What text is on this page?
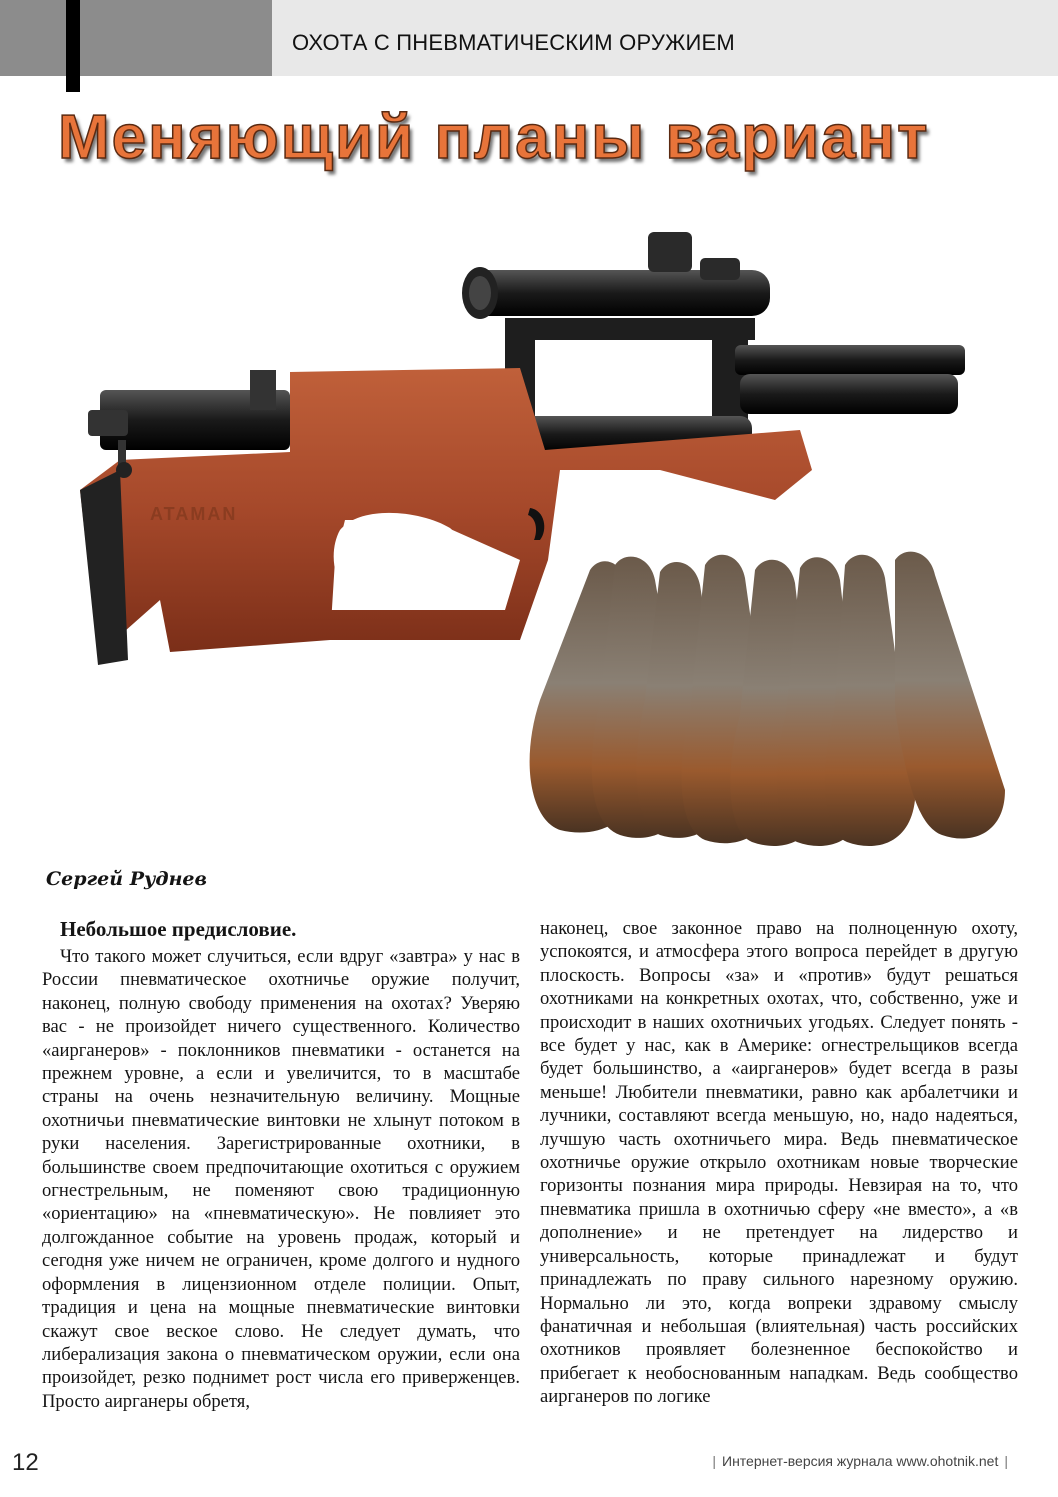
ОХОТА С ПНЕВМАТИЧЕСКИМ ОРУЖИЕМ
Меняющий планы вариант
ATAMAN
Сергей Руднев
Небольшое предисловие.

Что такого может случиться, если вдруг «завтра» у нас в России пневматическое охотничье оружие получит, наконец, полную свободу применения на охотах? Уверяю вас - не произойдет ничего существенного. Количество «аирганеров» - поклонников пневматики - останется на прежнем уровне, а если и увеличится, то в масштабе страны на очень незначительную величину. Мощные охотничьи пневматические винтовки не хлынут потоком в руки населения. Зарегистрированные охотники, в большинстве своем предпочитающие охотиться с оружием огнестрельным, не поменяют свою традиционную «ориентацию» на «пневматическую». Не повлияет это долгожданное событие на уровень продаж, который и сегодня уже ничем не ограничен, кроме долгого и нудного оформления в лицензионном отделе полиции. Опыт, традиция и цена на мощные пневматические винтовки скажут свое веское слово. Не следует думать, что либерализация закона о пневматическом оружии, если она произойдет, резко поднимет рост числа его приверженцев. Просто аирганеры обретя,

наконец, свое законное право на полноценную охоту, успокоятся, и атмосфера этого вопроса перейдет в другую плоскость. Вопросы «за» и «против» будут решаться охотниками на конкретных охотах, что, собственно, уже и происходит в наших охотничьих угодьях. Следует понять - все будет у нас, как в Америке: огнестрельщиков всегда будет большинство, а «аирганеров» будет всегда в разы меньше! Любители пневматики, равно как арбалетчики и лучники, составляют всегда меньшую, но, надо надеяться, лучшую часть охотничьего мира. Ведь пневматическое охотничье оружие открыло охотникам новые творческие горизонты познания мира природы. Невзирая на то, что пневматика пришла в охотничью сферу «не вместо», а «в дополнение» и не претендует на лидерство и универсальность, которые принадлежат и будут принадлежать по праву сильного нарезному оружию. Нормально ли это, когда вопреки здравому смыслу фанатичная и небольшая (влиятельная) часть российских охотников проявляет болезненное беспокойство и прибегает к необоснованным нападкам. Ведь сообщество аирганеров по логике

12	| Интернет-версия журнала www.ohotnik.net |
